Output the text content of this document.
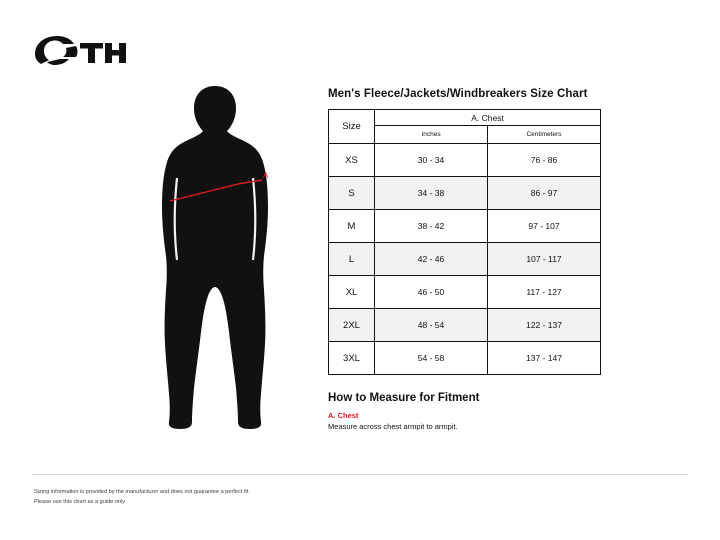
A
Men's Fleece/Jackets/Windbreakers Size Chart
Size	A. Chest	
	Inches	Centimeters
XS	30 - 34	76 - 86
S	34 - 38	86 - 97
M	38 - 42	97 - 107
L	42 - 46	107 - 117
XL	46 - 50	117 - 127
2XL	48 - 54	122 - 137
3XL	54 - 58	137 - 147
How to Measure for Fitment
A. Chest
Measure across chest armpit to armpit.
Sizing information is provided by the manufacturer and does not guarantee a perfect fit.
Please use this chart as a guide only
